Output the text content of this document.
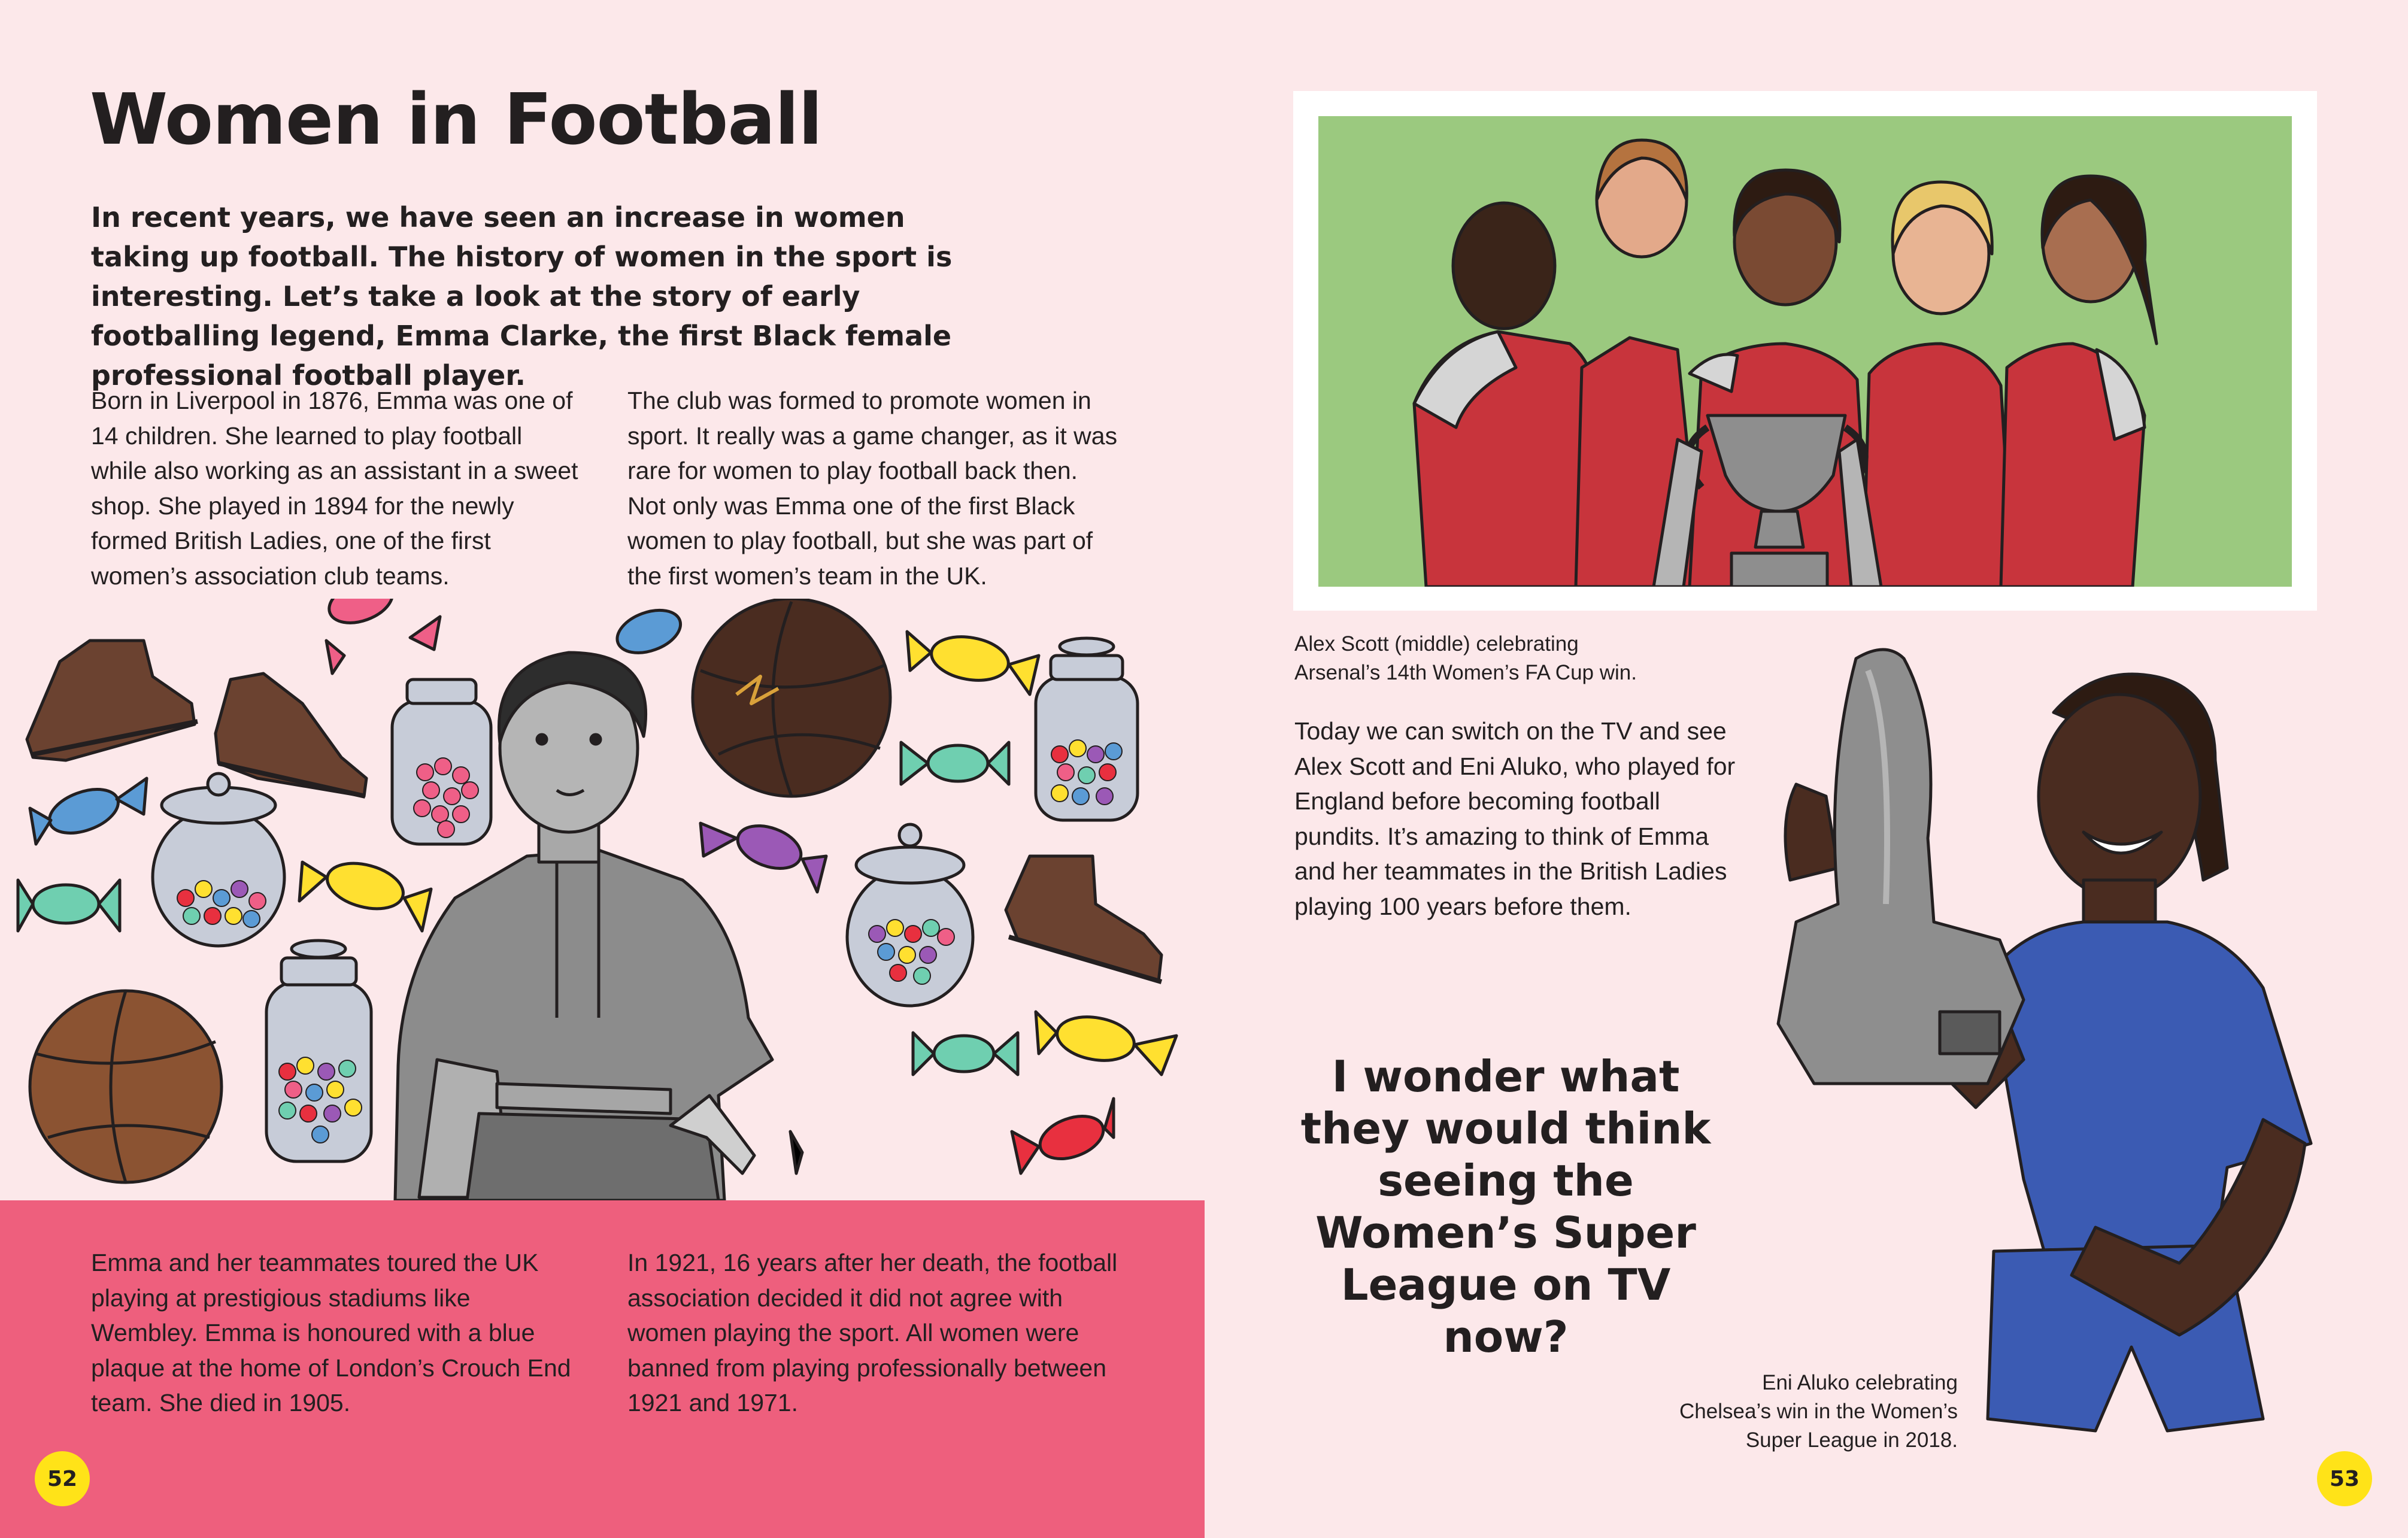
Women in Football
In recent years, we have seen an increase in women taking up football. The history of women in the sport is interesting. Let’s take a look at the story of early footballing legend, Emma Clarke, the first Black female professional football player.
Born in Liverpool in 1876, Emma was one of 14 children. She learned to play football while also working as an assistant in a sweet shop. She played in 1894 for the newly formed British Ladies, one of the first women’s association club teams.
The club was formed to promote women in sport. It really was a game changer, as it was rare for women to play football back then. Not only was Emma one of the first Black women to play football, but she was part of the first women’s team in the UK.
Emma and her teammates toured the UK playing at prestigious stadiums like Wembley. Emma is honoured with a blue plaque at the home of London’s Crouch End team. She died in 1905.
In 1921, 16 years after her death, the football association decided it did not agree with women playing the sport. All women were banned from playing professionally between 1921 and 1971.
52
Alex Scott (middle) celebrating
Arsenal’s 14th Women’s FA Cup win.
Today we can switch on the TV and see Alex Scott and Eni Aluko, who played for England before becoming football pundits. It’s amazing to think of Emma and her teammates in the British Ladies playing 100 years before them.
I wonder what they would think seeing the Women’s Super League on TV now?
Eni Aluko celebrating
Chelsea’s win in the Women’s
Super League in 2018.
53
